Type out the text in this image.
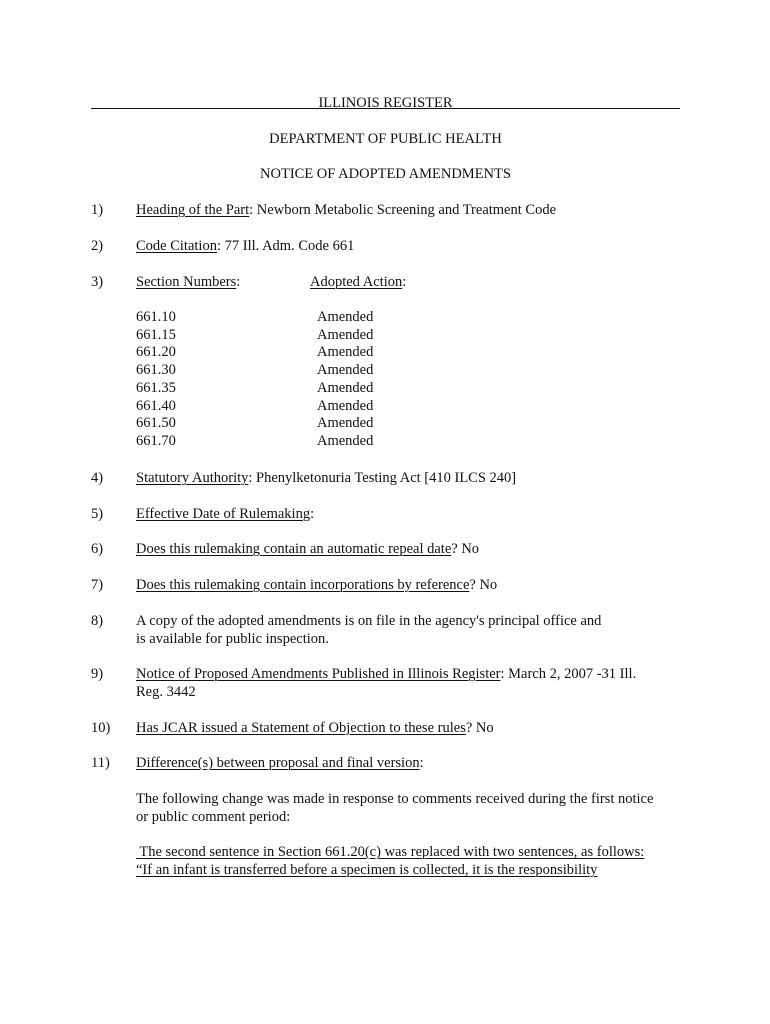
ILLINOIS REGISTER
DEPARTMENT OF PUBLIC HEALTH
NOTICE OF ADOPTED AMENDMENTS
1) Heading of the Part: Newborn Metabolic Screening and Treatment Code
2) Code Citation: 77 Ill. Adm. Code 661
3) Section Numbers:	Adopted Action:
661.10
661.15
661.20
661.30
661.35
661.40
661.50
661.70
Amended
Amended
Amended
Amended
Amended
Amended
Amended
Amended
4) Statutory Authority: Phenylketonuria Testing Act [410 ILCS 240]
5) Effective Date of Rulemaking:
6) Does this rulemaking contain an automatic repeal date? No
7) Does this rulemaking contain incorporations by reference? No
8) A copy of the adopted amendments is on file in the agency's principal office and
is available for public inspection.
9) Notice of Proposed Amendments Published in Illinois Register: March 2, 2007 -31 Ill.
Reg. 3442
10) Has JCAR issued a Statement of Objection to these rules? No
11) Difference(s) between proposal and final version:
The following change was made in response to comments received during the first notice
or public comment period:
The second sentence in Section 661.20(c) was replaced with two sentences, as follows:
“If an infant is transferred before a specimen is collected, it is the responsibility
